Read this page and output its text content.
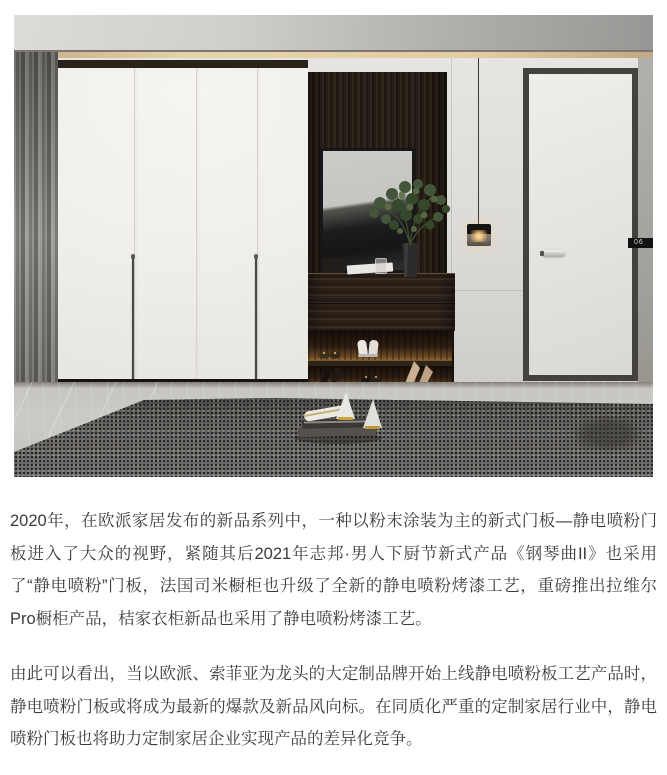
06

2020年，在欧派家居发布的新品系列中，一种以粉末涂装为主的新式门板—静电喷粉门板进入了大众的视野，紧随其后2021年志邦·男人下厨节新式产品《钢琴曲II》也采用了“静电喷粉”门板，法国司米橱柜也升级了全新的静电喷粉烤漆工艺，重磅推出拉维尔Pro橱柜产品，桔家衣柜新品也采用了静电喷粉烤漆工艺。

由此可以看出，当以欧派、索菲亚为龙头的大定制品牌开始上线静电喷粉板工艺产品时，静电喷粉门板或将成为最新的爆款及新品风向标。在同质化严重的定制家居行业中，静电喷粉门板也将助力定制家居企业实现产品的差异化竞争。
